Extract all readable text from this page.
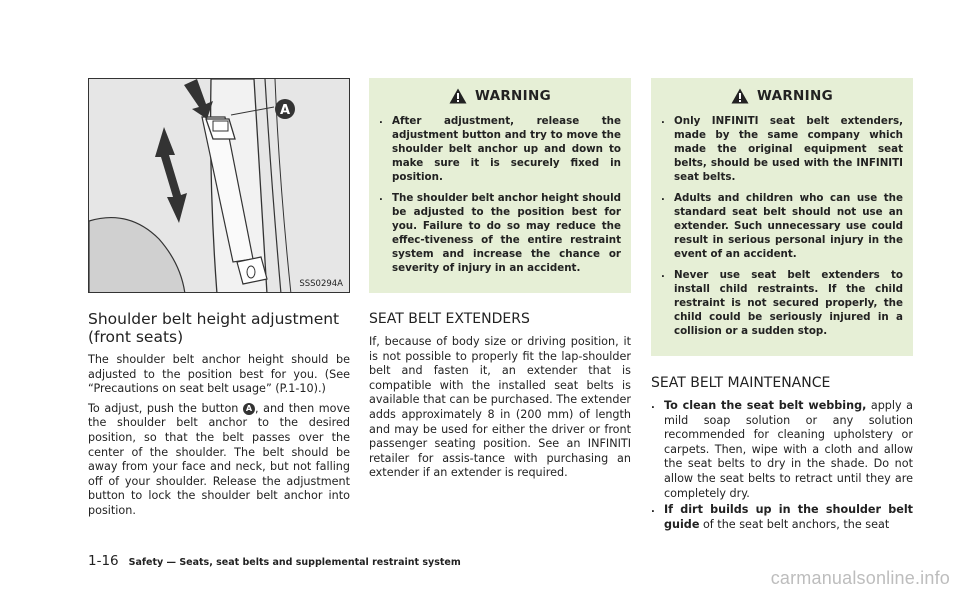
A
SSS0294A
Shoulder belt height adjustment
(front seats)

The shoulder belt anchor height should be adjusted to the position best for you. (See “Precautions on seat belt usage” (P.1-10).)

To adjust, push the button A , and then move the shoulder belt anchor to the desired position, so that the belt passes over the center of the shoulder. The belt should be away from your face and neck, but not falling off of your shoulder. Release the adjustment button to lock the shoulder belt anchor into position.

WARNING
. After adjustment, release the adjustment button and try to move the shoulder belt anchor up and down to make sure it is securely fixed in position.
. The shoulder belt anchor height should be adjusted to the position best for you. Failure to do so may reduce the effec-tiveness of the entire restraint system and increase the chance or severity of injury in an accident.
SEAT BELT EXTENDERS

If, because of body size or driving position, it is not possible to properly fit the lap-shoulder belt and fasten it, an extender that is compatible with the installed seat belts is available that can be purchased. The extender adds approximately 8 in (200 mm) of length and may be used for either the driver or front passenger seating position. See an INFINITI retailer for assis-tance with purchasing an extender if an extender is required.

WARNING
. Only INFINITI seat belt extenders, made by the same company which made the original equipment seat belts, should be used with the INFINITI seat belts.
. Adults and children who can use the standard seat belt should not use an extender. Such unnecessary use could result in serious personal injury in the event of an accident.
. Never use seat belt extenders to install child restraints. If the child restraint is not secured properly, the child could be seriously injured in a collision or a sudden stop.
SEAT BELT MAINTENANCE
. To clean the seat belt webbing, apply a mild soap solution or any solution recommended for cleaning upholstery or carpets. Then, wipe with a cloth and allow the seat belts to dry in the shade. Do not allow the seat belts to retract until they are completely dry.
. If dirt builds up in the shoulder belt guide of the seat belt anchors, the seat
1-16 Safety — Seats, seat belts and supplemental restraint system
carmanualsonline.info
